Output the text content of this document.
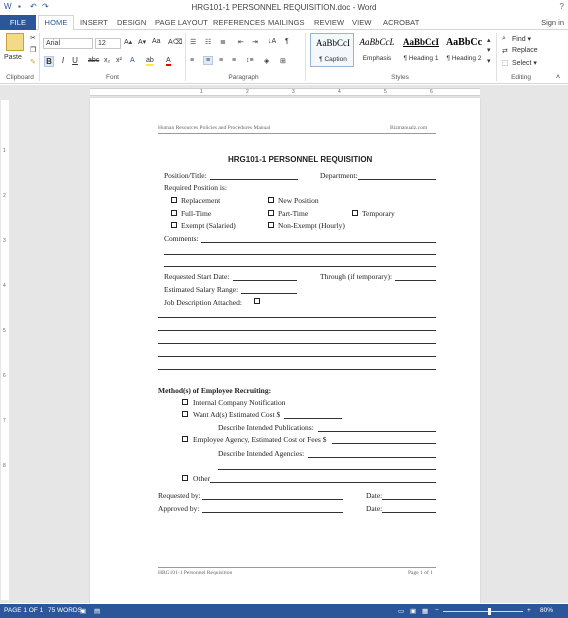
W ▪ ↶ ↷	HRG101-1 PERSONNEL REQUISITION.doc - Word	?
FILE	HOME	INSERT DESIGN PAGE LAYOUT REFERENCES MAILINGS REVIEW VIEW ACROBAT	Sign in
Paste
✂
❐
✎
Clipboard
Arial	12	A▴ A▾ Aa A⌫
B	I	U	abc x₂ x² A ab A
Font
☰ ☷ ≣ ⇤ ⇥ ↓A ¶
≡	≡	≡ ≡ ↕≡ ◈ ⊞
Paragraph
AaBbCcI
¶ Caption
AaBbCcL
Emphasis
AaBbCcI
¶ Heading 1
AaBbCc
¶ Heading 2
▴
▾
▾
Styles
⌕ Find ▾
⇄ Replace
⬚ Select ▾
Editing	˄
1	2	3	4	5	6
1
2
3
4
5
6
7
8
Human Resources Policies and Procedures Manual	Bizmanualz.com
HRG101-1 PERSONNEL REQUISITION
Position/Title:	Department:
Required Position is:
Replacement	New Position
Full-Time	Part-Time	Temporary
Exempt (Salaried)	Non-Exempt (Hourly)
Comments:
Requested Start Date:	Through (if temporary):
Estimated Salary Range:
Job Description Attached:
Method(s) of Employee Recruiting:
Internal Company Notification
Want Ad(s) Estimated Cost $
Describe Intended Publications:
Employee Agency, Estimated Cost or Fees $
Describe Intended Agencies:
Other
Requested by:	Date:
Approved by:	Date:
HRG101-1 Personnel Requisition	Page 1 of 1
PAGE 1 OF 1 75 WORDS
▣ ▤	▭ ▣ ▦ −	+ 80%
